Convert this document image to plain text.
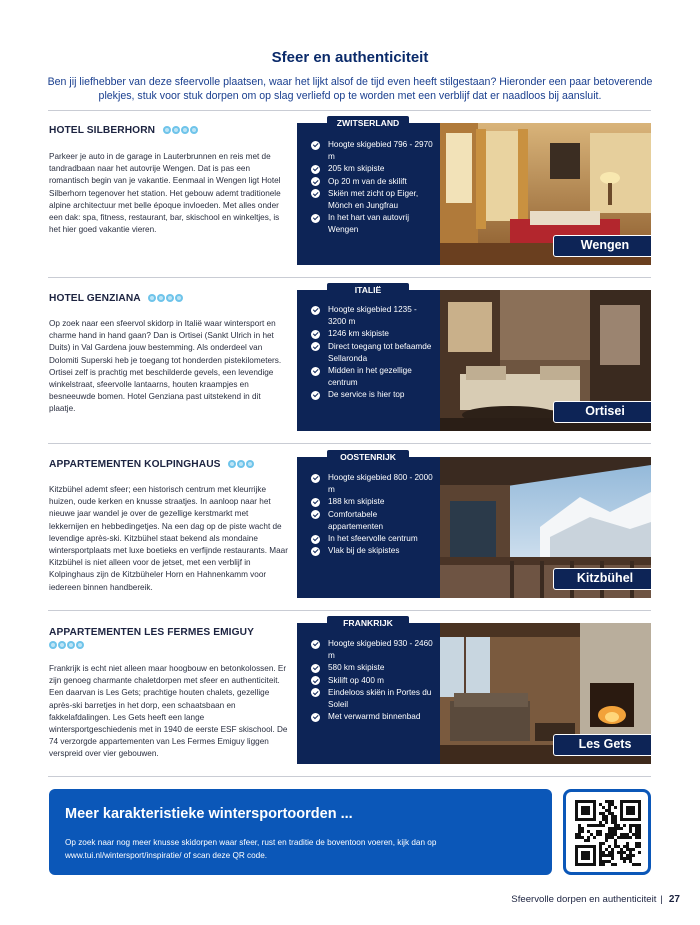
Sfeer en authenticiteit
Ben jij liefhebber van deze sfeervolle plaatsen, waar het lijkt alsof de tijd even heeft stilgestaan? Hieronder een paar betoverende plekjes, stuk voor stuk dorpen om op slag verliefd op te worden met een verblijf dat er naadloos bij aansluit.
HOTEL SILBERHORN

Parkeer je auto in de garage in Lauterbrunnen en reis met de tandradbaan naar het autovrije Wengen. Dat is pas een romantisch begin van je vakantie. Eenmaal in Wengen ligt Hotel Silberhorn tegenover het station. Het gebouw ademt traditionele alpine architectuur met belle époque invloeden. Met alles onder een dak: spa, fitness, restaurant, bar, skischool en winkeltjes, is het hier goed vakantie vieren.

ZWITSERLAND
Hoogte skigebied 796 - 2970 m
205 km skipiste
Op 20 m van de skilift
Skiën met zicht op Eiger, Mönch en Jungfrau
In het hart van autovrij Wengen
Wengen
HOTEL GENZIANA

Op zoek naar een sfeervol skidorp in Italië waar wintersport en charme hand in hand gaan? Dan is Ortisei (Sankt Ulrich in het Duits) in Val Gardena jouw bestemming. Als onderdeel van Dolomiti Superski heb je toegang tot honderden pistekilometers. Ortisei zelf is prachtig met beschilderde gevels, een levendige winkelstraat, sfeervolle lantaarns, houten kraampjes en besneeuwde bomen. Hotel Genziana past uitstekend in dit plaatje.

ITALIË
Hoogte skigebied 1235 - 3200 m
1246 km skipiste
Direct toegang tot befaamde Sellaronda
Midden in het gezellige centrum
De service is hier top
Ortisei
APPARTEMENTEN KOLPINGHAUS

Kitzbühel ademt sfeer; een historisch centrum met kleurrijke huizen, oude kerken en knusse straatjes. In aanloop naar het nieuwe jaar wandel je over de gezellige kerstmarkt met lekkernijen en hebbedingetjes. Na een dag op de piste wacht de levendige après-ski. Kitzbühel staat bekend als mondaine wintersportplaats met luxe boetieks en verfijnde restaurants. Maar Kitzbühel is niet alleen voor de jetset, met een verblijf in Kolpinghaus zijn de Kitzbüheler Horn en Hahnenkamm voor iedereen binnen handbereik.

OOSTENRIJK
Hoogte skigebied 800 - 2000 m
188 km skipiste
Comfortabele appartementen
In het sfeervolle centrum
Vlak bij de skipistes
Kitzbühel
APPARTEMENTEN LES FERMES EMIGUY

Frankrijk is echt niet alleen maar hoogbouw en betonkolossen. Er zijn genoeg charmante chaletdorpen met sfeer en authenticiteit. Een daarvan is Les Gets; prachtige houten chalets, gezellige après-ski barretjes in het dorp, een schaatsbaan en fakkelafdalingen. Les Gets heeft een lange wintersportgeschiedenis met in 1940 de eerste ESF skischool. De 74 verzorgde appartementen van Les Fermes Emiguy liggen verspreid over vier gebouwen.

FRANKRIJK
Hoogte skigebied 930 - 2460 m
580 km skipiste
Skilift op 400 m
Eindeloos skiën in Portes du Soleil
Met verwarmd binnenbad
Les Gets
Meer karakteristieke wintersportoorden ...

Op zoek naar nog meer knusse skidorpen waar sfeer, rust en traditie de boventoon voeren, kijk dan op www.tui.nl/wintersport/inspiratie/ of scan deze QR code.

Sfeervolle dorpen en authenticiteit | 27
